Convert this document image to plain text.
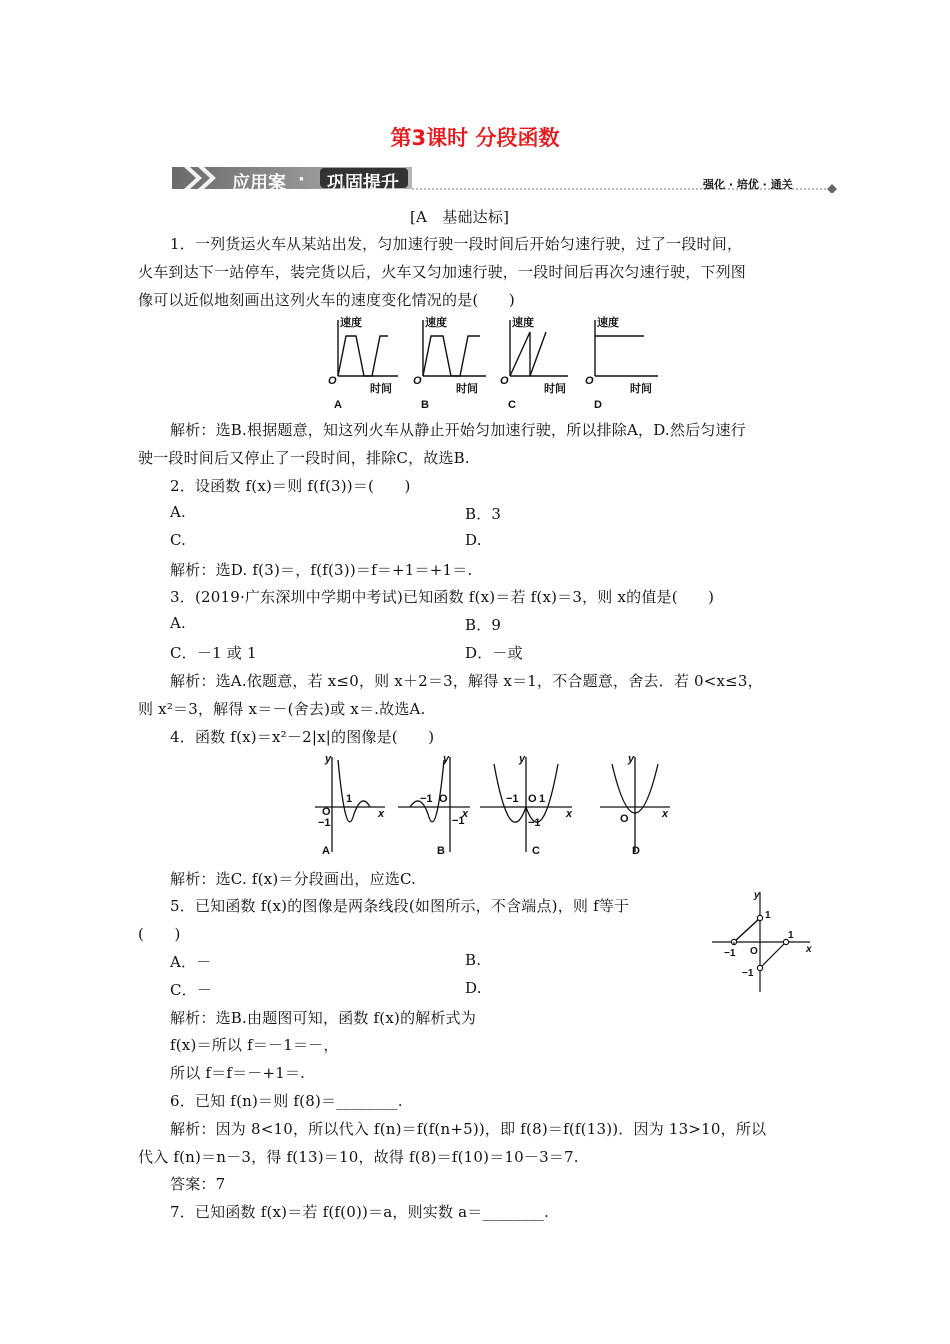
第3课时 分段函数
应用案 · 巩固提升	强化 · 培优 · 通关
[A　基础达标]
1．一列货运火车从某站出发，匀加速行驶一段时间后开始匀速行驶，过了一段时间，
火车到达下一站停车，装完货以后，火车又匀加速行驶，一段时间后再次匀速行驶，下列图
像可以近似地刻画出这列火车的速度变化情况的是(　　)
速度
时间
O
速度
时间
O
速度
时间
O
速度
时间
O
A	B	C	D
解析：选B.根据题意，知这列火车从静止开始匀加速行驶，所以排除A，D.然后匀速行
驶一段时间后又停止了一段时间，排除C，故选B.
2．设函数 f(x)＝则 f(f(3))＝(　　)
A.	B．3
C.	D.
解析：选D. f(3)＝，f(f(3))＝f＝+1＝+1＝.
3．(2019·广东深圳中学期中考试)已知函数 f(x)＝若 f(x)＝3，则 x的值是(　　)
A.	B．9
C．－1 或 1	D．－或
解析：选A.依题意，若 x≤0，则 x＋2＝3，解得 x＝1，不合题意，舍去．若 0<x≤3，
则 x²＝3，解得 x＝－(舍去)或 x＝.故选A.
4．函数 f(x)＝x²－2|x|的图像是(　　)
y
x
O
1
−1
y
x
−1 O
−1
y
x
−1 O 1
−1
y
x
O
A	B	C	D
解析：选C. f(x)＝分段画出，应选C.
5．已知函数 f(x)的图像是两条线段(如图所示，不含端点)，则 f等于
(　　)
A．－	B.
C．－	D.
y
x
1
1
O
−1
−1
解析：选B.由题图可知，函数 f(x)的解析式为
f(x)＝所以 f＝－1＝－，
所以 f＝f＝－+1＝.
6．已知 f(n)＝则 f(8)＝________.
解析：因为 8<10，所以代入 f(n)＝f(f(n+5))，即 f(8)＝f(f(13))．因为 13>10，所以
代入 f(n)＝n－3，得 f(13)＝10，故得 f(8)＝f(10)＝10－3＝7.
答案：7
7．已知函数 f(x)＝若 f(f(0))＝a，则实数 a＝________.
